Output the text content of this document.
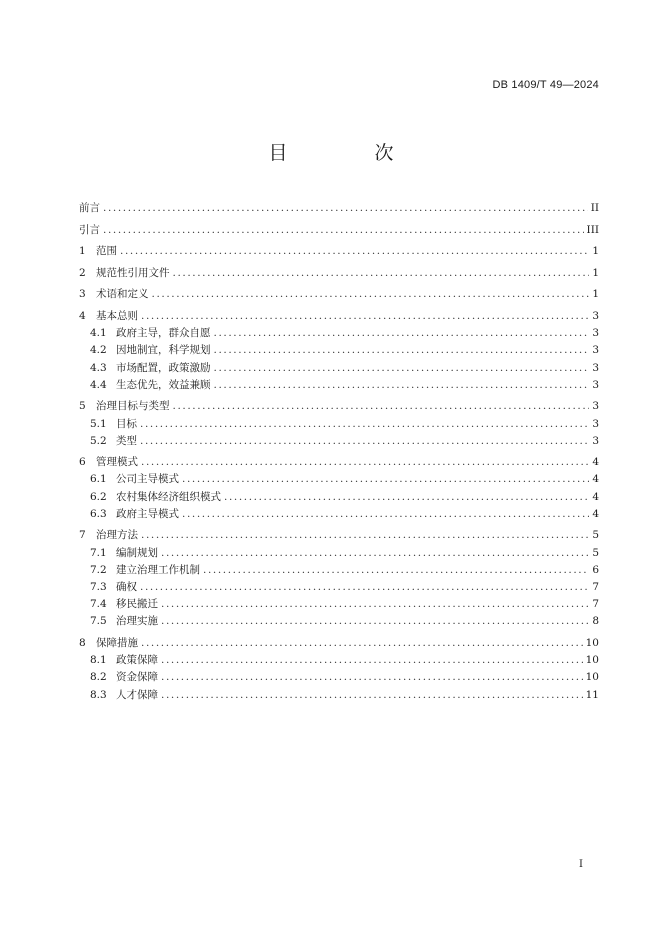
DB 1409/T 49—2024
目　次
前言 .....	II
引言 .....	III
1 范围 .....	1
2 规范性引用文件 .....	1
3 术语和定义 .....	1
4 基本总则 .....	3
4.1 政府主导，群众自愿 .....	3
4.2 因地制宜，科学规划 .....	3
4.3 市场配置，政策激励 .....	3
4.4 生态优先，效益兼顾 .....	3
5 治理目标与类型 .....	3
5.1 目标 .....	3
5.2 类型 .....	3
6 管理模式 .....	4
6.1 公司主导模式 .....	4
6.2 农村集体经济组织模式 .....	4
6.3 政府主导模式 .....	4
7 治理方法 .....	5
7.1 编制规划 .....	5
7.2 建立治理工作机制 .....	6
7.3 确权 .....	7
7.4 移民搬迁 .....	7
7.5 治理实施 .....	8
8 保障措施 .....	10
8.1 政策保障 .....	10
8.2 资金保障 .....	10
8.3 人才保障 .....	11
I
